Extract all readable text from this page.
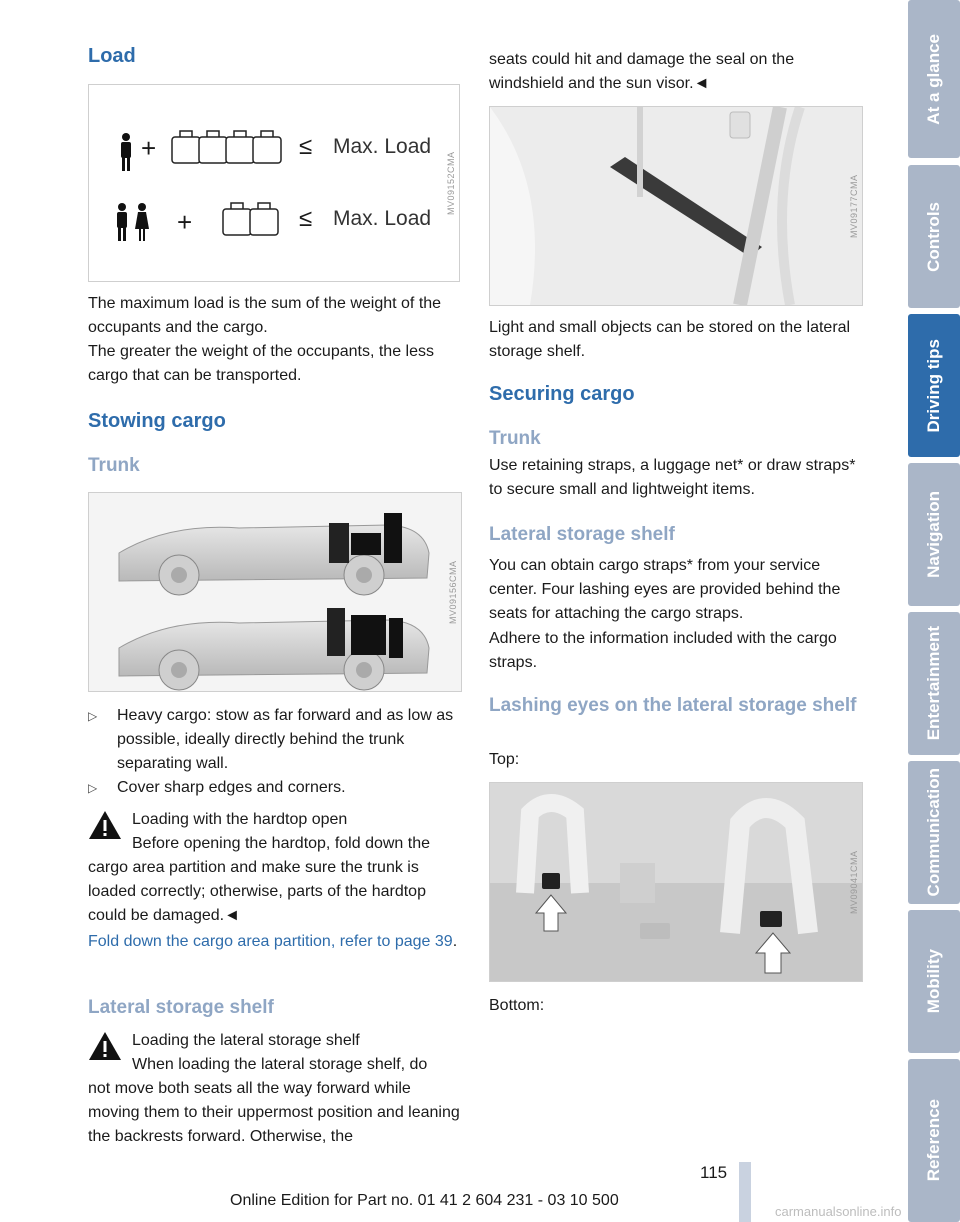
Load
+
+
≤
≤
Max. Load
Max. Load
MV09152CMA

The maximum load is the sum of the weight of the occupants and the cargo.

The greater the weight of the occupants, the less cargo that can be transported.

Stowing cargo
Trunk
MV09156CMA
▷ Heavy cargo: stow as far forward and as low as possible, ideally directly behind the trunk separating wall.

▷ Cover sharp edges and corners.

Loading with the hardtop open

Before opening the hardtop, fold down the

cargo area partition and make sure the trunk is loaded correctly; otherwise, parts of the hardtop could be damaged.◄

Fold down the cargo area partition, refer to page 39.

Lateral storage shelf

Loading the lateral storage shelf

When loading the lateral storage shelf, do

not move both seats all the way forward while moving them to their uppermost position and leaning the backrests forward. Otherwise, the

seats could hit and damage the seal on the windshield and the sun visor.◄

MV09177CMA

Light and small objects can be stored on the lateral storage shelf.

Securing cargo
Trunk

Use retaining straps, a luggage net* or draw straps* to secure small and lightweight items.

Lateral storage shelf

You can obtain cargo straps* from your service center. Four lashing eyes are provided behind the seats for attaching the cargo straps.

Adhere to the information included with the cargo straps.

Lashing eyes on the lateral storage shelf

Top:

MV09041CMA

Bottom:

At a glance
Controls
Driving tips
Navigation
Entertainment
Communication
Mobility
Reference
115
Online Edition for Part no. 01 41 2 604 231 - 03 10 500
carmanualsonline.info
